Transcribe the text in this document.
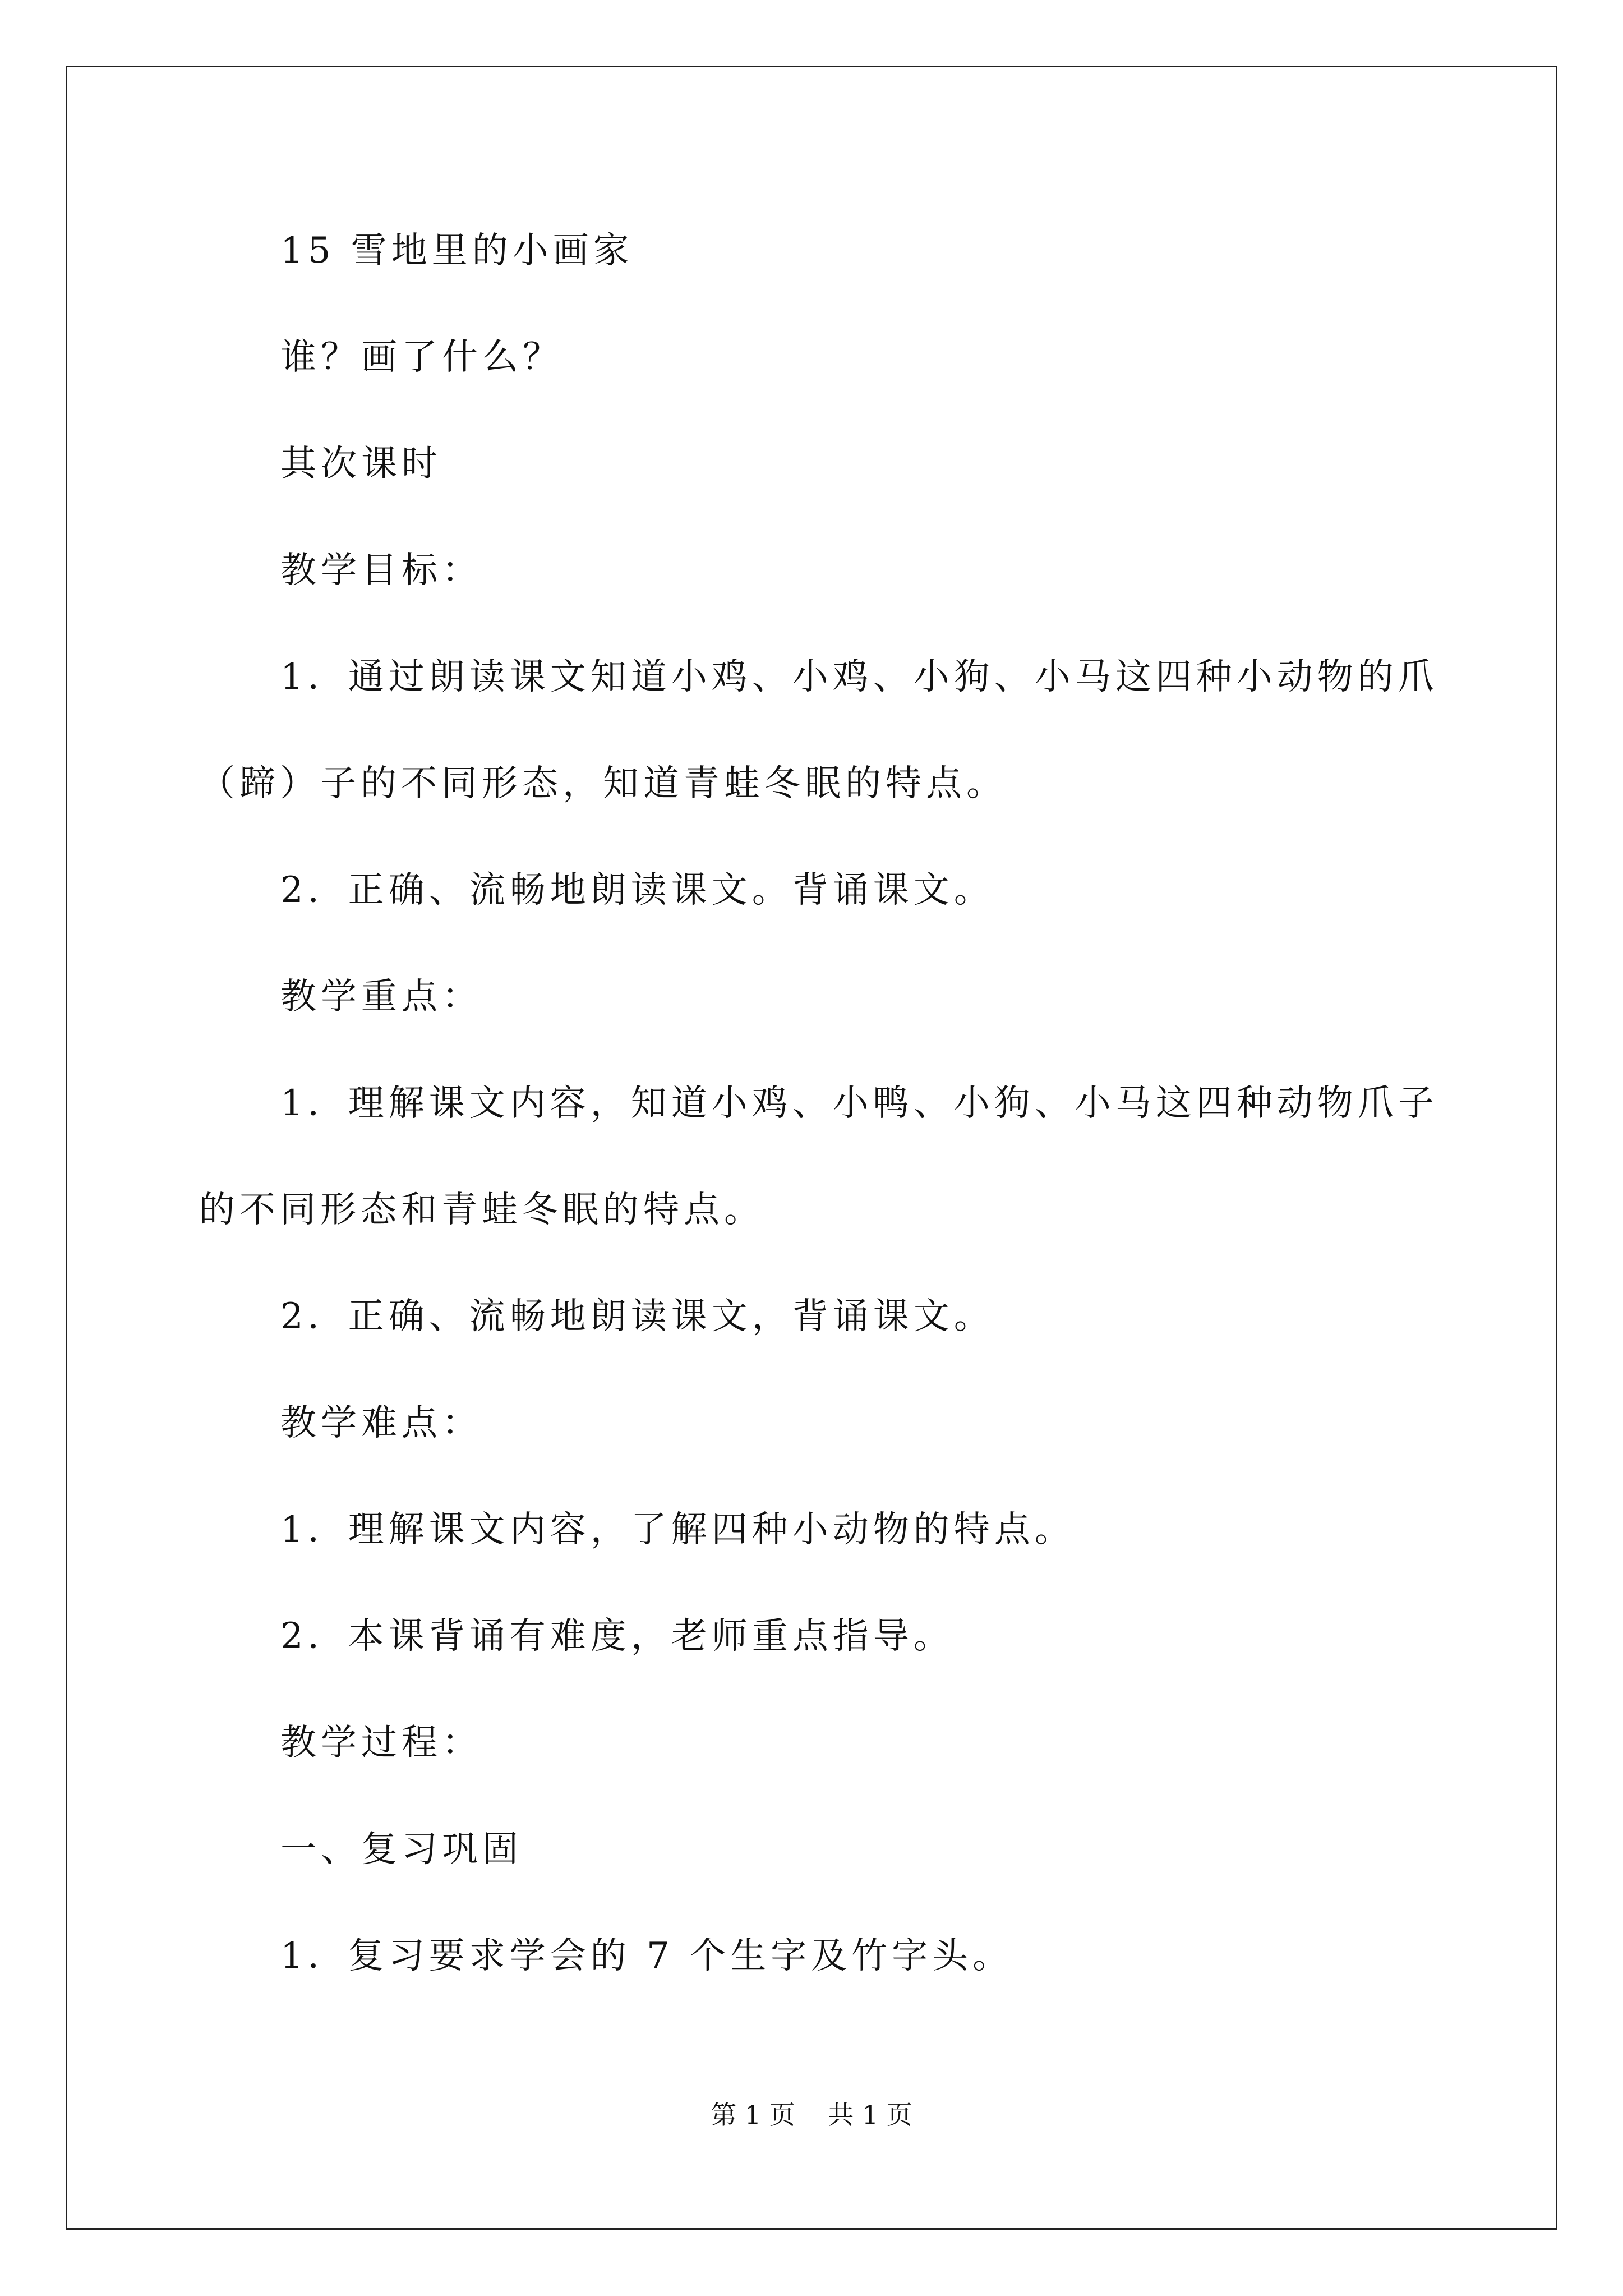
15 雪地里的小画家
谁？画了什么？
其次课时
教学目标：
1．通过朗读课文知道小鸡、小鸡、小狗、小马这四种小动物的爪
（蹄）子的不同形态，知道青蛙冬眠的特点。
2．正确、流畅地朗读课文。背诵课文。
教学重点：
1．理解课文内容，知道小鸡、小鸭、小狗、小马这四种动物爪子
的不同形态和青蛙冬眠的特点。
2．正确、流畅地朗读课文，背诵课文。
教学难点：
1．理解课文内容，了解四种小动物的特点。
2．本课背诵有难度，老师重点指导。
教学过程：
一、复习巩固
1．复习要求学会的 7 个生字及竹字头。
第 1 页    共 1 页
